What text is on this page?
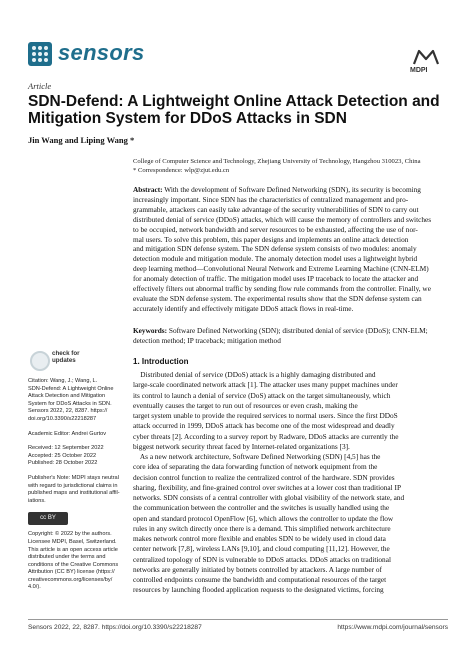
sensors
MDPI
Article
SDN-Defend: A Lightweight Online Attack Detection and
Mitigation System for DDoS Attacks in SDN
Jin Wang and Liping Wang *
College of Computer Science and Technology, Zhejiang University of Technology, Hangzhou 310023, China
* Correspondence: wlp@zjut.edu.cn
Abstract: With the development of Software Defined Networking (SDN), its security is becoming
increasingly important. Since SDN has the characteristics of centralized management and pro-
grammable, attackers can easily take advantage of the security vulnerabilities of SDN to carry out
distributed denial of service (DDoS) attacks, which will cause the memory of controllers and switches
to be occupied, network bandwidth and server resources to be exhausted, affecting the use of nor-
mal users. To solve this problem, this paper designs and implements an online attack detection
and mitigation SDN defense system. The SDN defense system consists of two modules: anomaly
detection module and mitigation module. The anomaly detection model uses a lightweight hybrid
deep learning method—Convolutional Neural Network and Extreme Learning Machine (CNN-ELM)
for anomaly detection of traffic. The mitigation model uses IP traceback to locate the attacker and
effectively filters out abnormal traffic by sending flow rule commands from the controller. Finally, we
evaluate the SDN defense system. The experimental results show that the SDN defense system can
accurately identify and effectively mitigate DDoS attack flows in real-time.
Keywords: Software Defined Networking (SDN); distributed denial of service (DDoS); CNN-ELM;
detection method; IP traceback; mitigation method
check for
updates
Citation: Wang, J.; Wang, L.
SDN-Defend: A Lightweight Online
Attack Detection and Mitigation
System for DDoS Attacks in SDN.
Sensors 2022, 22, 8287. https://
doi.org/10.3390/s22218287
Academic Editor: Andrei Gurtov
Received: 12 September 2022
Accepted: 25 October 2022
Published: 28 October 2022
Publisher's Note: MDPI stays neutral
with regard to jurisdictional claims in
published maps and institutional affil-
iations.
cc BY
Copyright: © 2022 by the authors.
Licensee MDPI, Basel, Switzerland.
This article is an open access article
distributed under the terms and
conditions of the Creative Commons
Attribution (CC BY) license (https://
creativecommons.org/licenses/by/
4.0/).
1. Introduction
Distributed denial of service (DDoS) attack is a highly damaging distributed and
large-scale coordinated network attack [1]. The attacker uses many puppet machines under
its control to launch a denial of service (DoS) attack on the target simultaneously, which
eventually causes the target to run out of resources or even crash, making the
target system unable to provide the required services to normal users. Since the first DDoS
attack occurred in 1999, DDoS attack has become one of the most widespread and deadly
cyber threats [2]. According to a survey report by Radware, DDoS attacks are currently the
biggest network security threat faced by Internet-related organizations [3].
As a new network architecture, Software Defined Networking (SDN) [4,5] has the
core idea of separating the data forwarding function of network equipment from the
decision control function to realize the centralized control of the hardware. SDN provides
sharing, flexibility, and fine-grained control over switches at a lower cost than traditional IP
networks. SDN consists of a central controller with global visibility of the network state, and
the communication between the controller and the switches is usually handled using the
open and standard protocol OpenFlow [6], which allows the controller to update the flow
rules in any switch directly once there is a demand. This simplified network architecture
makes network control more flexible and enables SDN to be widely used in cloud data
center network [7,8], wireless LANs [9,10], and cloud computing [11,12]. However, the
centralized topology of SDN is vulnerable to DDoS attacks. DDoS attacks on traditional
networks are generally initiated by botnets controlled by attackers. A large number of
controlled endpoints consume the bandwidth and computational resources of the target
resources by launching flooded application requests to the designated victims, forcing
Sensors 2022, 22, 8287. https://doi.org/10.3390/s22218287	https://www.mdpi.com/journal/sensors
